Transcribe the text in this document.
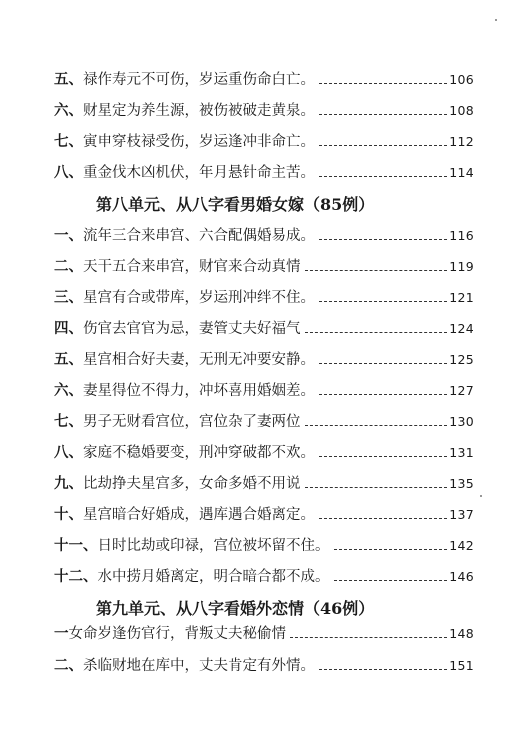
五、 禄作寿元不可伤，岁运重伤命白亡。	106
六、 财星定为养生源，被伤被破走黄泉。	108
七、 寅申穿枝禄受伤，岁运逢冲非命亡。	112
八、 重金伐木凶机伏，年月悬针命主苦。	114
第八单元、从八字看男婚女嫁（85例）
一、 流年三合来串宫、六合配偶婚易成。	116
二、 天干五合来串宫，财官来合动真情	119
三、 星宫有合或带库，岁运刑冲绊不住。	121
四、 伤官去官官为忌，妻管丈夫好福气	124
五、 星宫相合好夫妻，无刑无冲要安静。	125
六、 妻星得位不得力，冲坏喜用婚姻差。	127
七、 男子无财看宫位，宫位杂了妻两位	130
八、 家庭不稳婚要变，刑冲穿破都不欢。	131
九、 比劫挣夫星宫多，女命多婚不用说	135
十、 星宫暗合好婚成，遇库遇合婚离定。	137
十一、 日时比劫或印禄，宫位被坏留不住。	142
十二、 水中捞月婚离定，明合暗合都不成。	146
第九单元、从八字看婚外恋情（46例）
一 女命岁逢伤官行，背叛丈夫秘偷情	148
二、 杀临财地在库中，丈夫肯定有外情。	151
